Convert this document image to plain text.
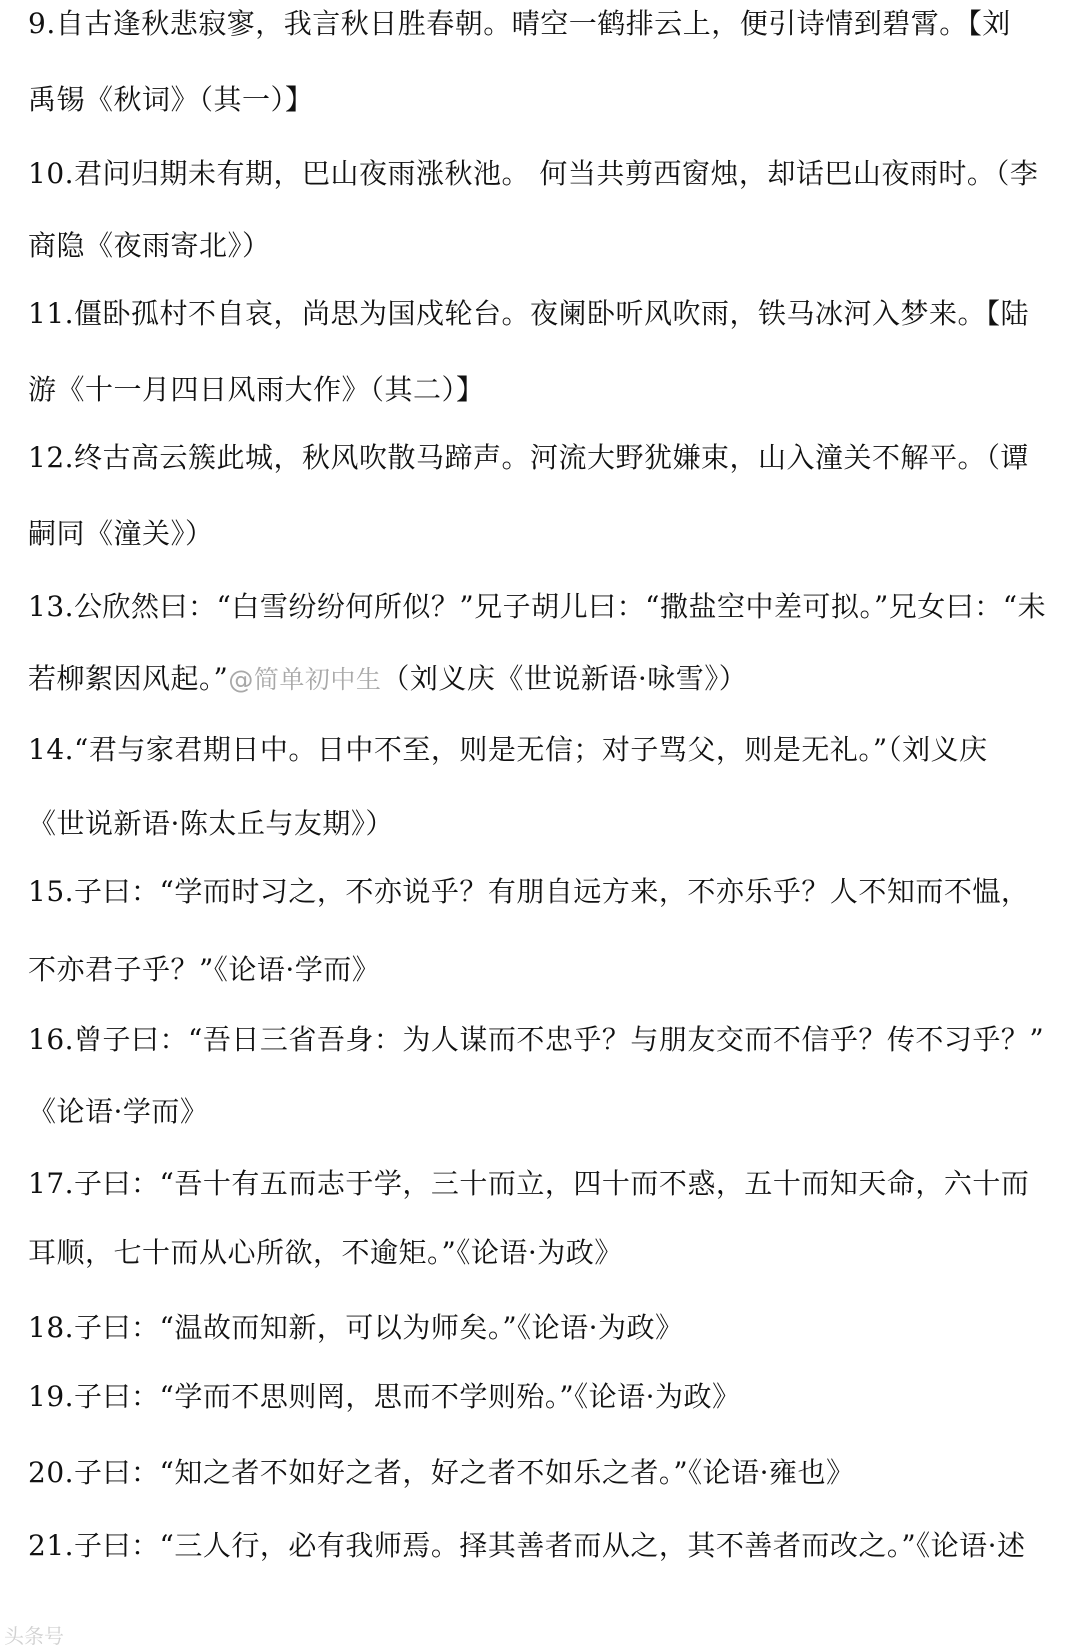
9.自古逢秋悲寂寥，我言秋日胜春朝。晴空一鹤排云上，便引诗情到碧霄。【刘
禹锡《秋词》（其一）】
10.君问归期未有期，巴山夜雨涨秋池。 何当共剪西窗烛，却话巴山夜雨时。（李
商隐《夜雨寄北》）
11.僵卧孤村不自哀，尚思为国戍轮台。夜阑卧听风吹雨，铁马冰河入梦来。【陆
游《十一月四日风雨大作》（其二）】
12.终古高云簇此城，秋风吹散马蹄声。河流大野犹嫌束，山入潼关不解平。（谭
嗣同《潼关》）
13.公欣然曰：“白雪纷纷何所似？”兄子胡儿曰：“撒盐空中差可拟。”兄女曰：“未
若柳絮因风起。”@简单初中生（刘义庆《世说新语·咏雪》）
14.“君与家君期日中。日中不至，则是无信；对子骂父，则是无礼。”（刘义庆
《世说新语·陈太丘与友期》）
15.子曰：“学而时习之，不亦说乎？有朋自远方来，不亦乐乎？人不知而不愠，
不亦君子乎？”《论语·学而》
16.曾子曰：“吾日三省吾身：为人谋而不忠乎？与朋友交而不信乎？传不习乎？”
《论语·学而》
17.子曰：“吾十有五而志于学，三十而立，四十而不惑，五十而知天命，六十而
耳顺，七十而从心所欲，不逾矩。”《论语·为政》
18.子曰：“温故而知新，可以为师矣。”《论语·为政》
19.子曰：“学而不思则罔，思而不学则殆。”《论语·为政》
20.子曰：“知之者不如好之者，好之者不如乐之者。”《论语·雍也》
21.子曰：“三人行，必有我师焉。择其善者而从之，其不善者而改之。”《论语·述
头条号
